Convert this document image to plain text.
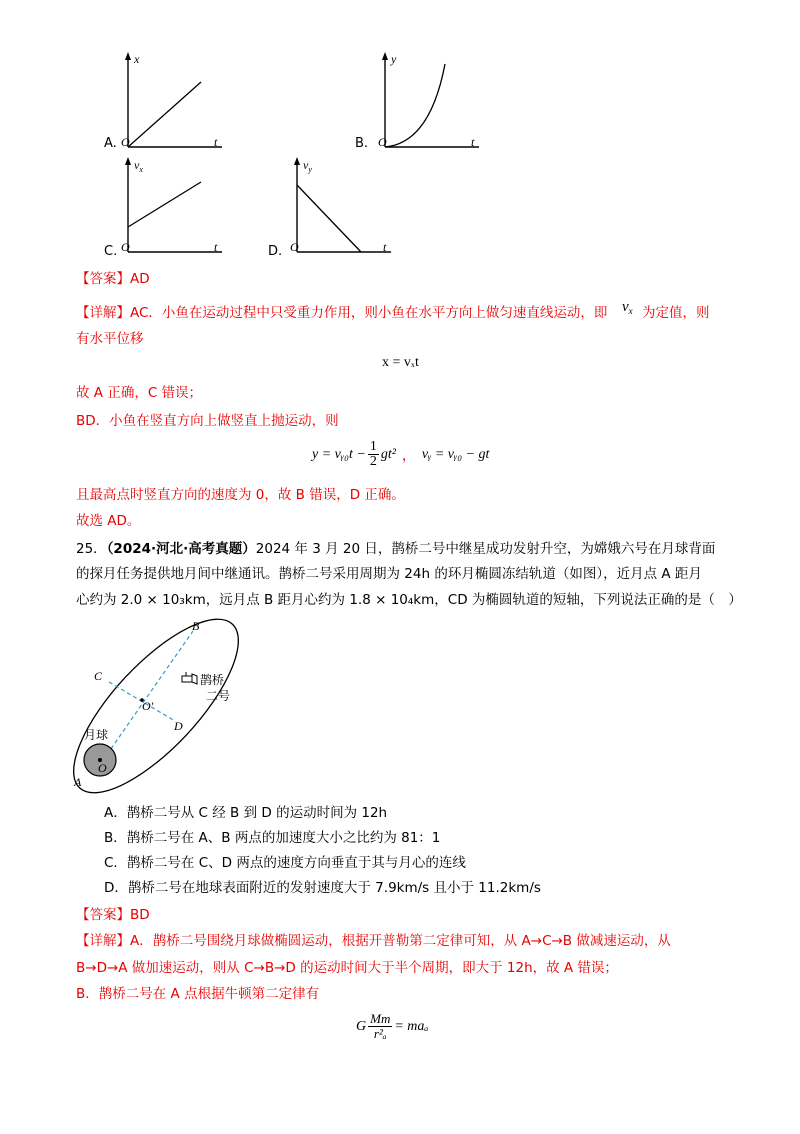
A.
x
O	t	B.
y
O	t
C.
$v_x$
O	t	D.
$v_y$
O	t
【答案】AD
【详解】AC．小鱼在运动过程中只受重力作用，则小鱼在水平方向上做匀速直线运动，即 $v_x$ 为定值，则
有水平位移
x = vₓt
故 A 正确，C 错误；
BD．小鱼在竖直方向上做竖直上抛运动，则
y = vᵧ₀t − $\frac{1}{2} gt^2$ ， vᵧ = vᵧ₀ − gt
且最高点时竖直方向的速度为 0，故 B 错误，D 正确。
故选 AD。
25．（2024·河北·高考真题）2024 年 3 月 20 日，鹊桥二号中继星成功发射升空，为嫦娥六号在月球背面
的探月任务提供地月间中继通讯。鹊桥二号采用周期为 24h 的环月椭圆冻结轨道（如图），近月点 A 距月
心约为 2.0 × 10₃km，远月点 B 距月心约为 1.8 × 10₄km，CD 为椭圆轨道的短轴，下列说法正确的是（　）
B
C
O′
D
O
A
月球
鹊桥
二号
A．鹊桥二号从 C 经 B 到 D 的运动时间为 12h
B．鹊桥二号在 A、B 两点的加速度大小之比约为 81：1
C．鹊桥二号在 C、D 两点的速度方向垂直于其与月心的连线
D．鹊桥二号在地球表面附近的发射速度大于 7.9km/s 且小于 11.2km/s
【答案】BD
【详解】A．鹊桥二号围绕月球做椭圆运动，根据开普勒第二定律可知，从 A→C→B 做减速运动，从
B→D→A 做加速运动，则从 C→B→D 的运动时间大于半个周期，即大于 12h，故 A 错误；
B．鹊桥二号在 A 点根据牛顿第二定律有
G $\frac{Mm}{\text{r²ₐ}} = ma_a$
